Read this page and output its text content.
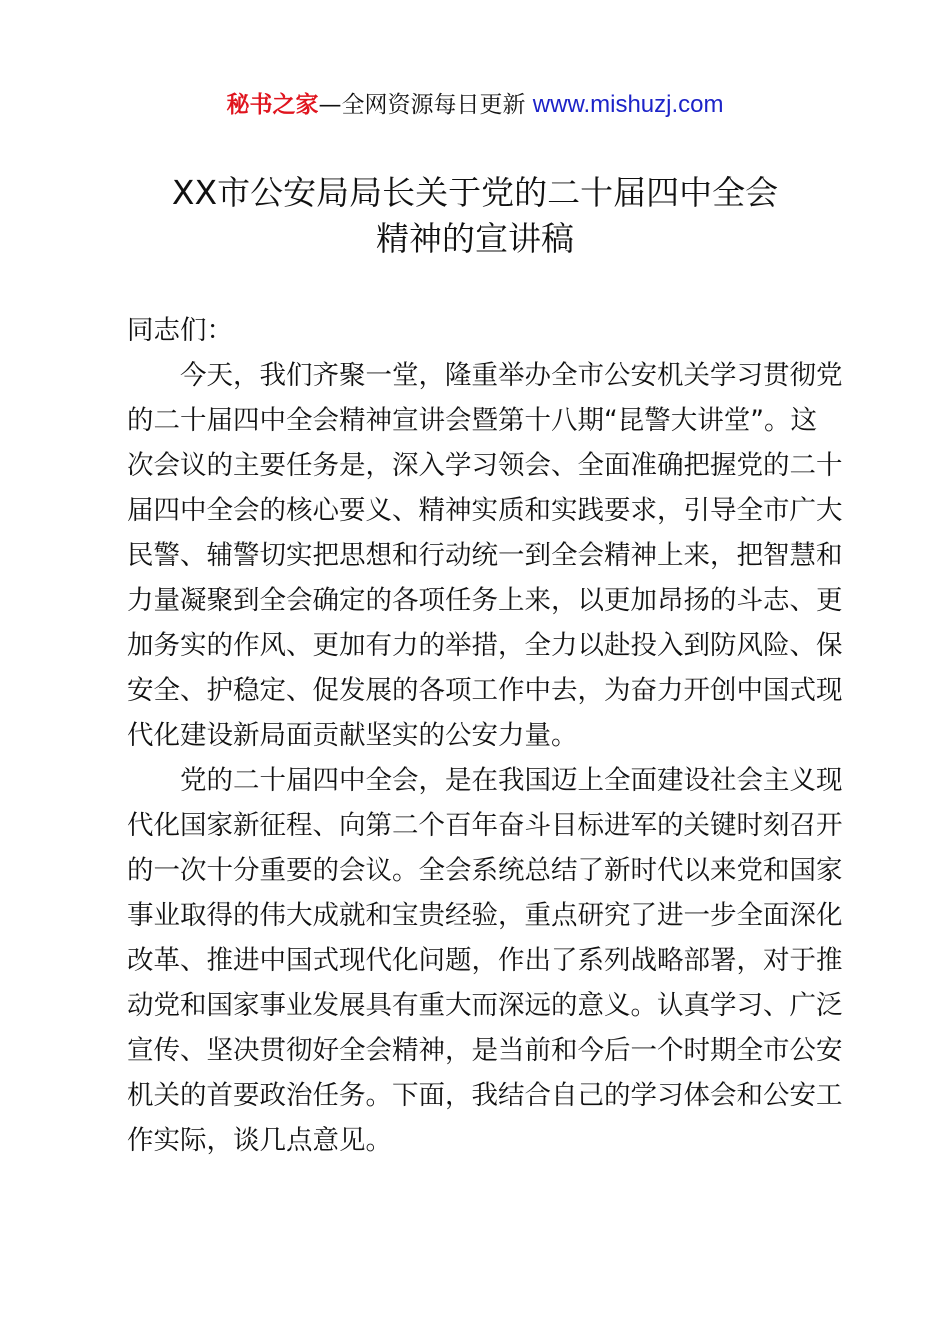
秘书之家—全网资源每日更新 www.mishuzj.com
XX市公安局局长关于党的二十届四中全会
精神的宣讲稿
同志们：
今天，我们齐聚一堂，隆重举办全市公安机关学习贯彻党
的二十届四中全会精神宣讲会暨第十八期“昆警大讲堂”。这
次会议的主要任务是，深入学习领会、全面准确把握党的二十
届四中全会的核心要义、精神实质和实践要求，引导全市广大
民警、辅警切实把思想和行动统一到全会精神上来，把智慧和
力量凝聚到全会确定的各项任务上来，以更加昂扬的斗志、更
加务实的作风、更加有力的举措，全力以赴投入到防风险、保
安全、护稳定、促发展的各项工作中去，为奋力开创中国式现
代化建设新局面贡献坚实的公安力量。
党的二十届四中全会，是在我国迈上全面建设社会主义现
代化国家新征程、向第二个百年奋斗目标进军的关键时刻召开
的一次十分重要的会议。全会系统总结了新时代以来党和国家
事业取得的伟大成就和宝贵经验，重点研究了进一步全面深化
改革、推进中国式现代化问题，作出了系列战略部署，对于推
动党和国家事业发展具有重大而深远的意义。认真学习、广泛
宣传、坚决贯彻好全会精神，是当前和今后一个时期全市公安
机关的首要政治任务。下面，我结合自己的学习体会和公安工
作实际，谈几点意见。
